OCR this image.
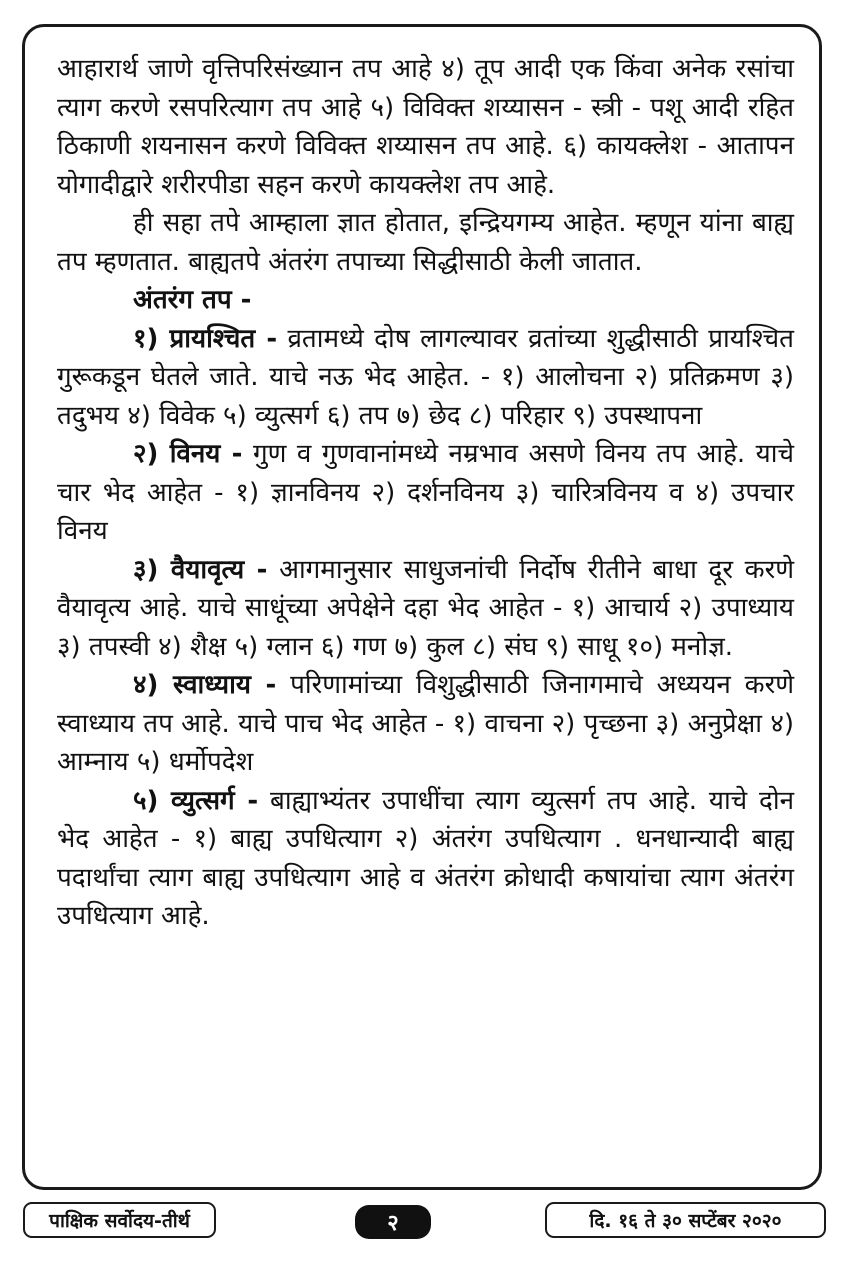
आहारार्थ जाणे वृत्तिपरिसंख्यान तप आहे ४) तूप आदी एक किंवा अनेक रसांचा त्याग करणे रसपरित्याग तप आहे ५) विविक्त शय्यासन - स्त्री - पशू आदी रहित ठिकाणी शयनासन करणे विविक्त शय्यासन तप आहे. ६) कायक्लेश - आतापन योगादीद्वारे शरीरपीडा सहन करणे कायक्लेश तप आहे.

ही सहा तपे आम्हाला ज्ञात होतात, इन्द्रियगम्य आहेत. म्हणून यांना बाह्य तप म्हणतात. बाह्यतपे अंतरंग तपाच्या सिद्धीसाठी केली जातात.

अंतरंग तप -

१) प्रायश्चित - व्रतामध्ये दोष लागल्यावर व्रतांच्या शुद्धीसाठी प्रायश्चित गुरूकडून घेतले जाते. याचे नऊ भेद आहेत. - १) आलोचना २) प्रतिक्रमण ३) तदुभय ४) विवेक ५) व्युत्सर्ग ६) तप ७) छेद ८) परिहार ९) उपस्थापना

२) विनय - गुण व गुणवानांमध्ये नम्रभाव असणे विनय तप आहे. याचे चार भेद आहेत - १) ज्ञानविनय २) दर्शनविनय ३) चारित्रविनय व ४) उपचार विनय

३) वैयावृत्य - आगमानुसार साधुजनांची निर्दोष रीतीने बाधा दूर करणे वैयावृत्य आहे. याचे साधूंच्या अपेक्षेने दहा भेद आहेत - १) आचार्य २) उपाध्याय ३) तपस्वी ४) शैक्ष ५) ग्लान ६) गण ७) कुल ८) संघ ९) साधू १०) मनोज्ञ.

४) स्वाध्याय - परिणामांच्या विशुद्धीसाठी जिनागमाचे अध्ययन करणे स्वाध्याय तप आहे. याचे पाच भेद आहेत - १) वाचना २) पृच्छना ३) अनुप्रेक्षा ४) आम्नाय ५) धर्मोपदेश

५) व्युत्सर्ग - बाह्याभ्यंतर उपाधींचा त्याग व्युत्सर्ग तप आहे. याचे दोन भेद आहेत - १) बाह्य उपधित्याग २) अंतरंग उपधित्याग . धनधान्यादी बाह्य पदार्थांचा त्याग बाह्य उपधित्याग आहे व अंतरंग क्रोधादी कषायांचा त्याग अंतरंग उपधित्याग आहे.

पाक्षिक सर्वोदय-तीर्थ	२	दि. १६ ते ३० सप्टेंबर २०२०
